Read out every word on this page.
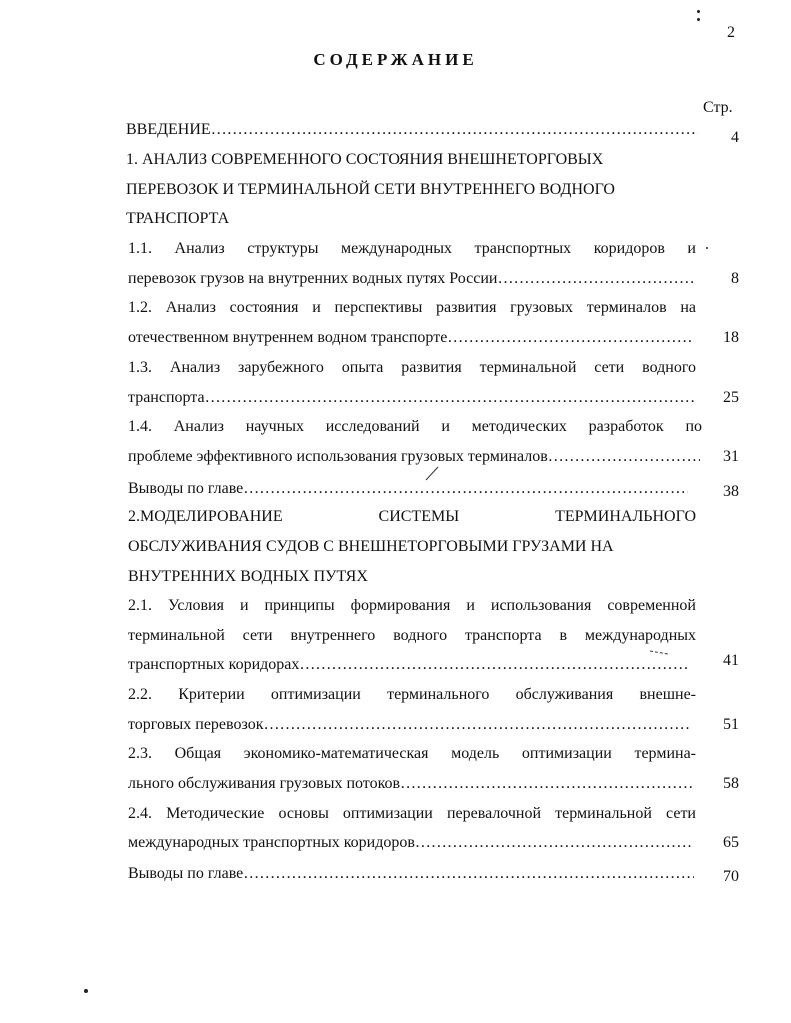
2
СОДЕРЖАНИЕ
Стр.
ВВЕДЕНИЕ ……………………………………………………………………………………………………………………………………………………………………………………	4
1. АНАЛИЗ СОВРЕМЕННОГО СОСТОЯНИЯ ВНЕШНЕТОРГОВЫХ
ПЕРЕВОЗОК И ТЕРМИНАЛЬНОЙ СЕТИ ВНУТРЕННЕГО ВОДНОГО
ТРАНСПОРТА
1.1. Анализ структуры международных транспортных коридоров и
перевозок грузов на внутренних водных путях России ……………………………………………………………………………………………………………………………………………………………………………………	8
1.2. Анализ состояния и перспективы развития грузовых терминалов на
отечественном внутреннем водном транспорте ……………………………………………………………………………………………………………………………………………………………………………………	18
1.3. Анализ зарубежного опыта развития терминальной сети водного
транспорта ……………………………………………………………………………………………………………………………………………………………………………………	25
1.4. Анализ научных исследований и методических разработок по
проблеме эффективного использования грузовых терминалов ……………………………………………………………………………………………………………………………………………………………………………………	31
Выводы по главе ……………………………………………………………………………………………………………………………………………………………………………………	38
2.МОДЕЛИРОВАНИЕ СИСТЕМЫ ТЕРМИНАЛЬНОГО
ОБСЛУЖИВАНИЯ СУДОВ С ВНЕШНЕТОРГОВЫМИ ГРУЗАМИ НА
ВНУТРЕННИХ ВОДНЫХ ПУТЯХ
2.1. Условия и принципы формирования и использования современной
терминальной сети внутреннего водного транспорта в международных
транспортных коридорах ……………………………………………………………………………………………………………………………………………………………………………………	41
2.2. Критерии оптимизации терминального обслуживания внешне-
торговых перевозок ……………………………………………………………………………………………………………………………………………………………………………………	51
2.3. Общая экономико-математическая модель оптимизации термина-
льного обслуживания грузовых потоков ……………………………………………………………………………………………………………………………………………………………………………………	58
2.4. Методические основы оптимизации перевалочной терминальной сети
международных транспортных коридоров ……………………………………………………………………………………………………………………………………………………………………………………	65
Выводы по главе ……………………………………………………………………………………………………………………………………………………………………………………	70
